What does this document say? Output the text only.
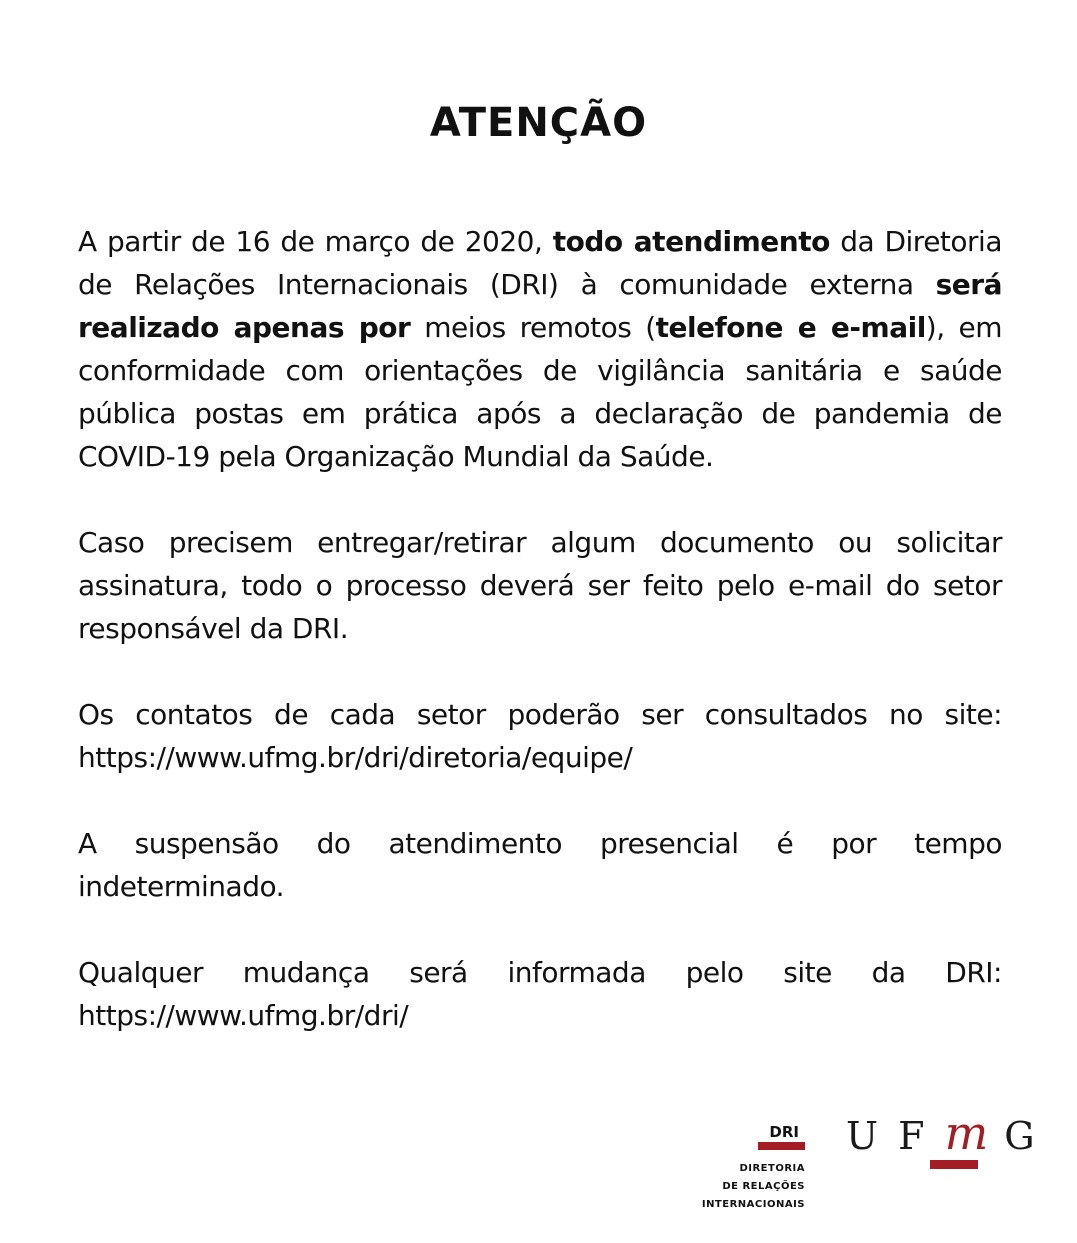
ATENÇÃO

A partir de 16 de março de 2020, todo atendimento da Diretoria de Relações Internacionais (DRI) à comunidade externa será realizado apenas por meios remotos (telefone e e-mail), em conformidade com orientações de vigilância sanitária e saúde pública postas em prática após a declaração de pandemia de COVID-19 pela Organização Mundial da Saúde.

Caso precisem entregar/retirar algum documento ou solicitar assinatura, todo o processo deverá ser feito pelo e-mail do setor responsável da DRI.

Os contatos de cada setor poderão ser consultados no site: https://www.ufmg.br/dri/diretoria/equipe/

A suspensão do atendimento presencial é por tempo indeterminado.

Qualquer mudança será informada pelo site da DRI: https://www.ufmg.br/dri/

DRI
DIRETORIA
DE RELAÇÕES
INTERNACIONAIS
U F m G
